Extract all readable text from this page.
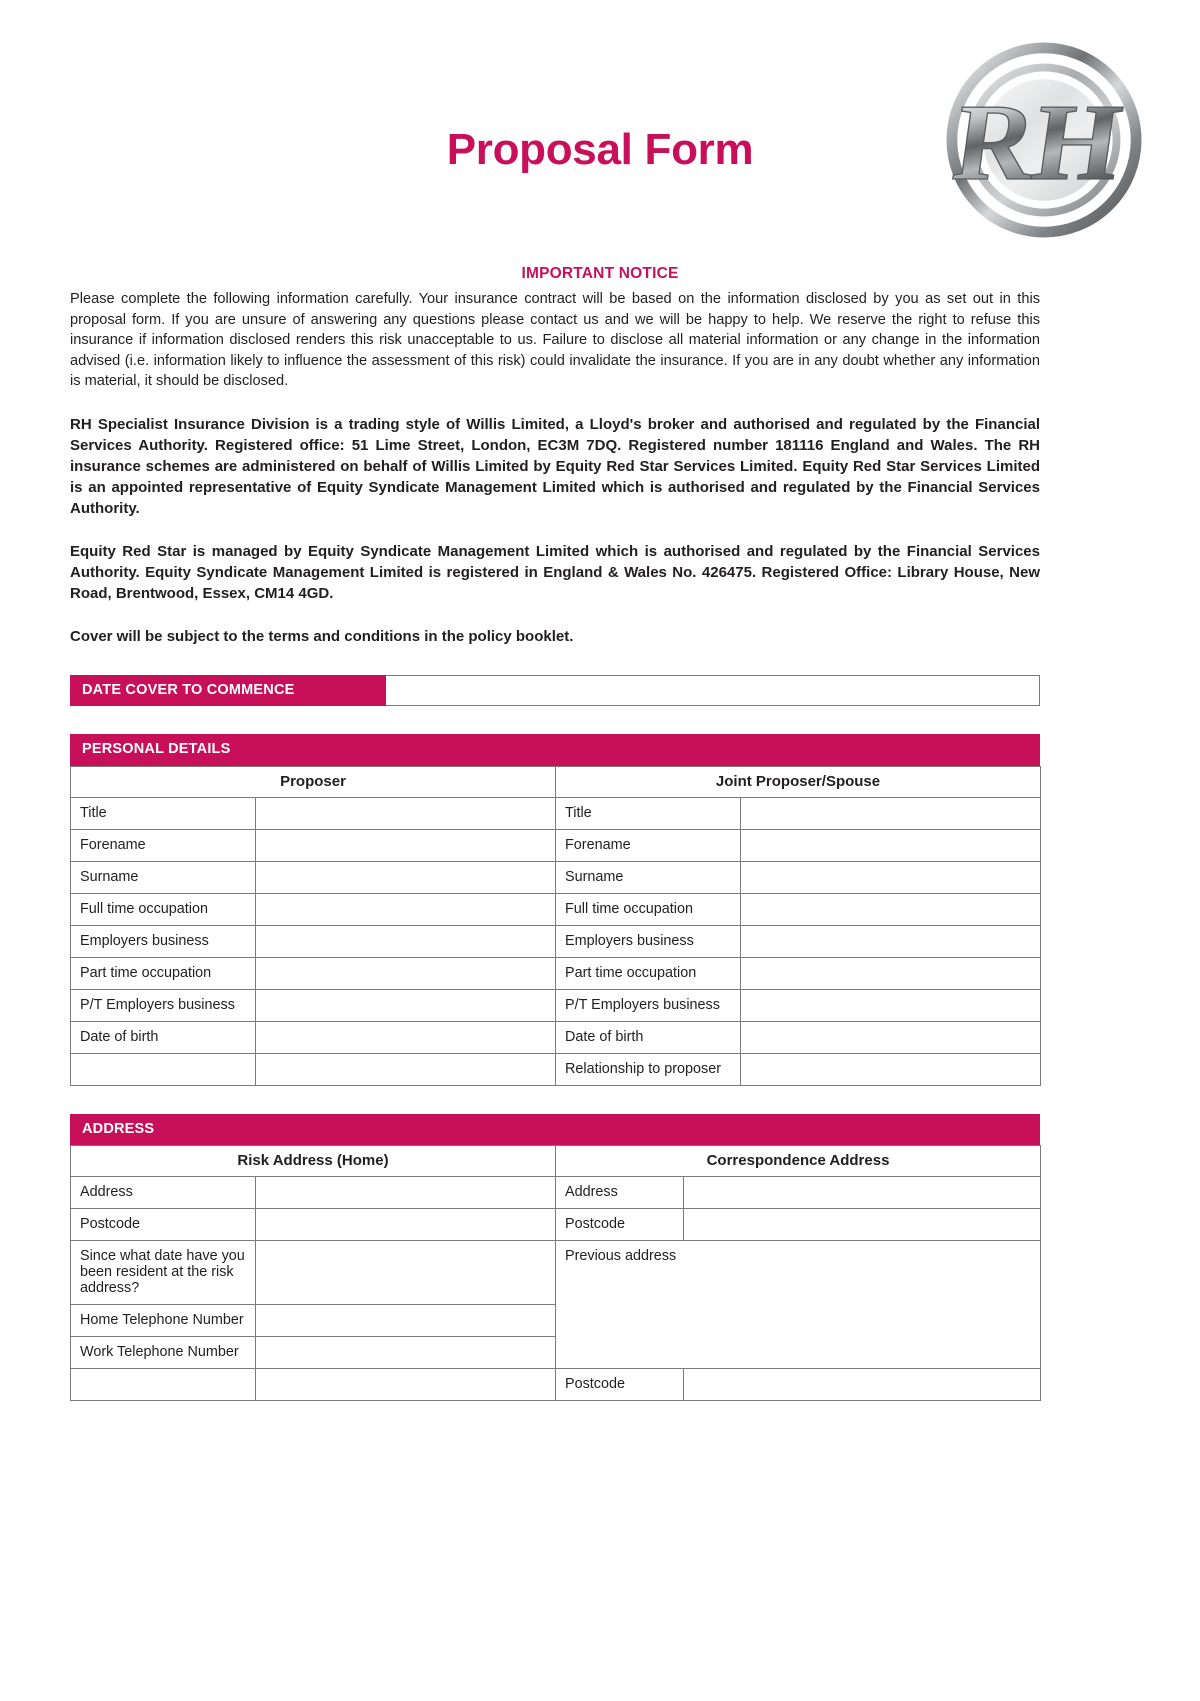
Proposal Form	RH
IMPORTANT NOTICE

Please complete the following information carefully. Your insurance contract will be based on the information disclosed by you as set out in this proposal form. If you are unsure of answering any questions please contact us and we will be happy to help. We reserve the right to refuse this insurance if information disclosed renders this risk unacceptable to us. Failure to disclose all material information or any change in the information advised (i.e. information likely to influence the assessment of this risk) could invalidate the insurance. If you are in any doubt whether any information is material, it should be disclosed.

RH Specialist Insurance Division is a trading style of Willis Limited, a Lloyd's broker and authorised and regulated by the Financial Services Authority. Registered office: 51 Lime Street, London, EC3M 7DQ. Registered number 181116 England and Wales. The RH insurance schemes are administered on behalf of Willis Limited by Equity Red Star Services Limited. Equity Red Star Services Limited is an appointed representative of Equity Syndicate Management Limited which is authorised and regulated by the Financial Services Authority.

Equity Red Star is managed by Equity Syndicate Management Limited which is authorised and regulated by the Financial Services Authority. Equity Syndicate Management Limited is registered in England & Wales No. 426475. Registered Office: Library House, New Road, Brentwood, Essex, CM14 4GD.

Cover will be subject to the terms and conditions in the policy booklet.

DATE COVER TO COMMENCE
PERSONAL DETAILS
Proposer		Joint Proposer/Spouse	
Title		Title	
Forename		Forename	
Surname		Surname	
Full time occupation		Full time occupation	
Employers business		Employers business	
Part time occupation		Part time occupation	
P/T Employers business		P/T Employers business	
Date of birth		Date of birth	
		Relationship to proposer	
ADDRESS
Risk Address (Home)		Correspondence Address	
Address		Address	
Postcode		Postcode	
Since what date have you been resident at the risk address?		Previous address	
Home Telephone Number			
Work Telephone Number			
		Postcode	
